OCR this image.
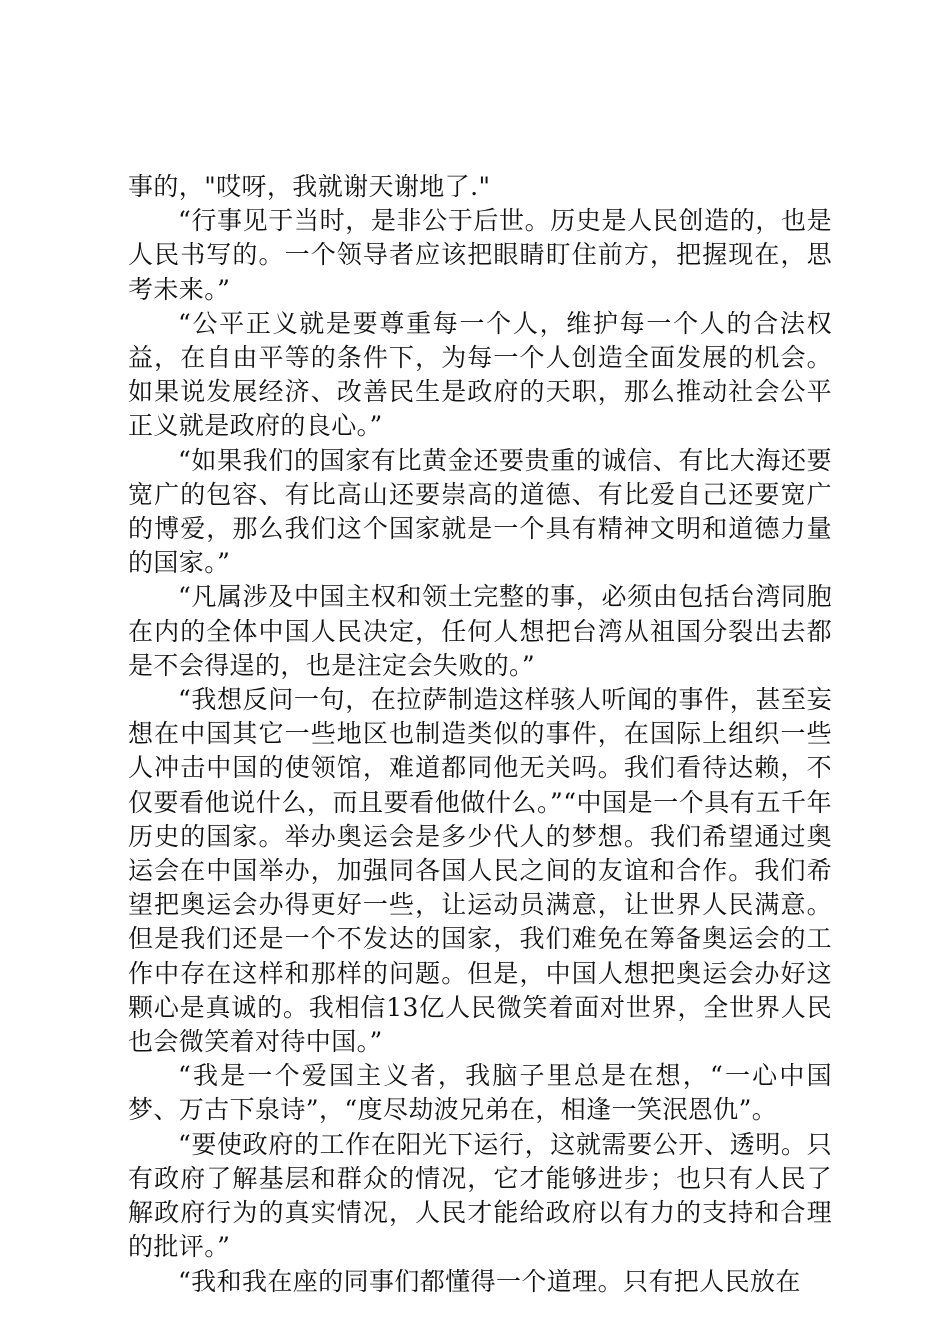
事的，"哎呀，我就谢天谢地了."

“行事见于当时，是非公于后世。历史是人民创造的，也是人民书写的。一个领导者应该把眼睛盯住前方，把握现在，思考未来。”

“公平正义就是要尊重每一个人，维护每一个人的合法权益，在自由平等的条件下，为每一个人创造全面发展的机会。如果说发展经济、改善民生是政府的天职，那么推动社会公平正义就是政府的良心。”

“如果我们的国家有比黄金还要贵重的诚信、有比大海还要宽广的包容、有比高山还要崇高的道德、有比爱自己还要宽广的博爱，那么我们这个国家就是一个具有精神文明和道德力量的国家。”

“凡属涉及中国主权和领土完整的事，必须由包括台湾同胞在内的全体中国人民决定，任何人想把台湾从祖国分裂出去都是不会得逞的，也是注定会失败的。”

“我想反问一句，在拉萨制造这样骇人听闻的事件，甚至妄想在中国其它一些地区也制造类似的事件，在国际上组织一些人冲击中国的使领馆，难道都同他无关吗。我们看待达赖，不仅要看他说什么，而且要看他做什么。”“中国是一个具有五千年历史的国家。举办奥运会是多少代人的梦想。我们希望通过奥运会在中国举办，加强同各国人民之间的友谊和合作。我们希望把奥运会办得更好一些，让运动员满意，让世界人民满意。但是我们还是一个不发达的国家，我们难免在筹备奥运会的工作中存在这样和那样的问题。但是，中国人想把奥运会办好这颗心是真诚的。我相信13亿人民微笑着面对世界，全世界人民也会微笑着对待中国。”

“我是一个爱国主义者，我脑子里总是在想，“一心中国梦、万古下泉诗”，“度尽劫波兄弟在，相逢一笑泯恩仇”。

“要使政府的工作在阳光下运行，这就需要公开、透明。只有政府了解基层和群众的情况，它才能够进步；也只有人民了解政府行为的真实情况，人民才能给政府以有力的支持和合理的批评。”

“我和我在座的同事们都懂得一个道理。只有把人民放在
